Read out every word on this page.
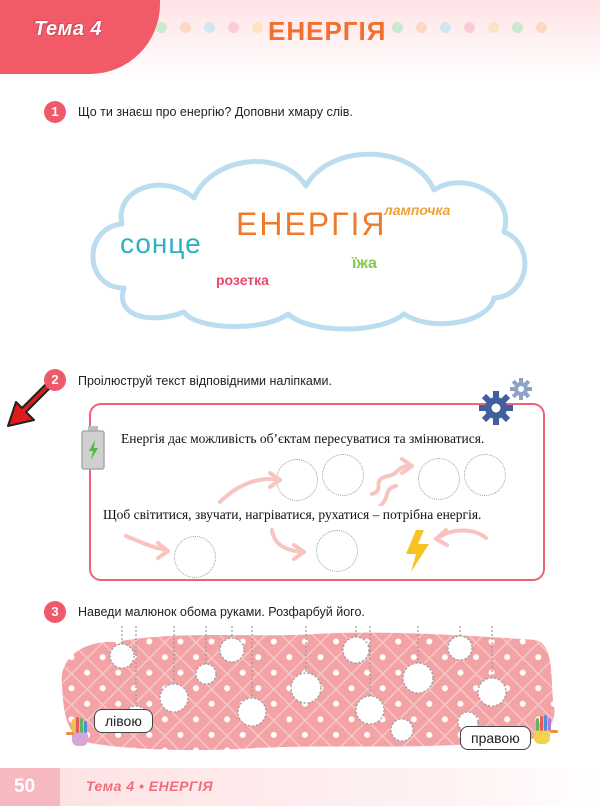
Тема 4	ЕНЕРГІЯ
1	Що ти знаєш про енергію? Доповни хмару слів.
сонце
ЕНЕРГІЯ
лампочка
їжа
розетка
2	Проілюструй текст відповідними наліпками.
Енергія дає можливість об’єктам пересуватися та змінюватися.
Щоб світитися, звучати, нагріватися, рухатися – потрібна енергія.
3	Наведи малюнок обома руками. Розфарбуй його.
лівою
правою
50	Тема 4 • ЕНЕРГІЯ
